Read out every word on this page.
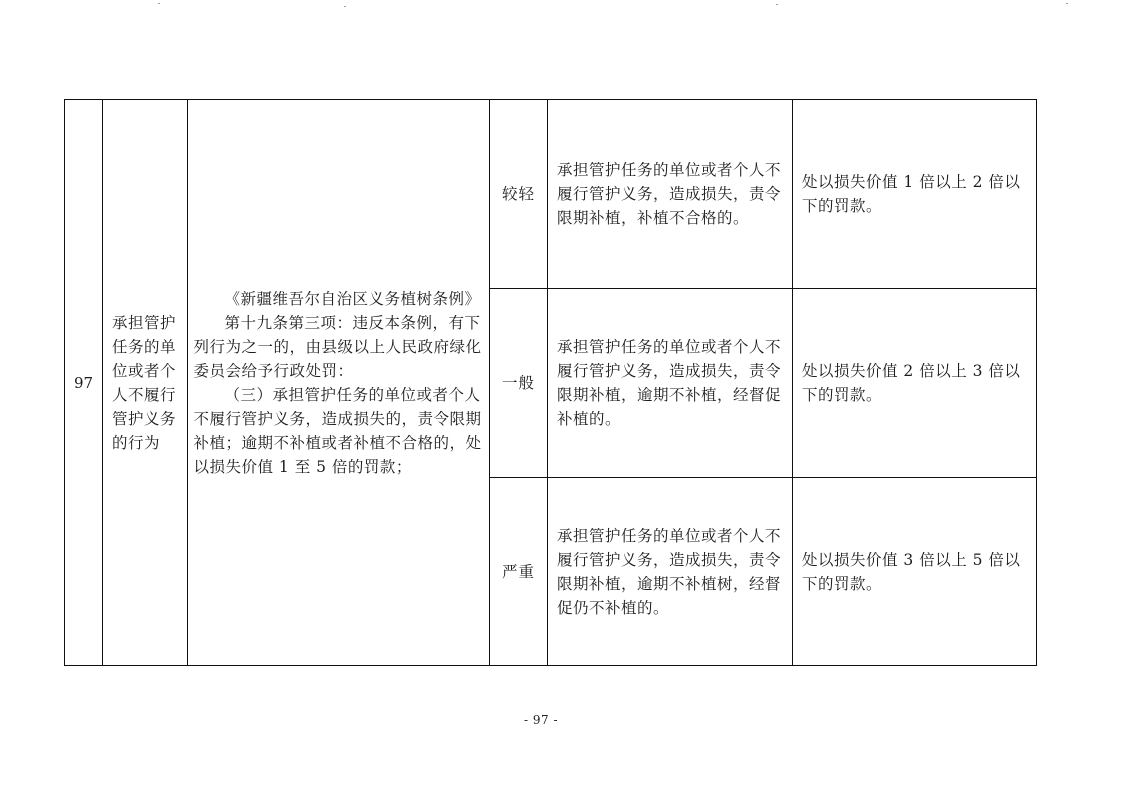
97
承担管护任务的单位或者个人不履行管护义务的行为

《新疆维吾尔自治区义务植树条例》

第十九条第三项：违反本条例，有下列行为之一的，由县级以上人民政府绿化委员会给予行政处罚：

（三）承担管护任务的单位或者个人不履行管护义务，造成损失的，责令限期补植；逾期不补植或者补植不合格的，处以损失价值 1 至 5 倍的罚款；

较轻
承担管护任务的单位或者个人不履行管护义务，造成损失，责令限期补植，补植不合格的。
处以损失价值 1 倍以上 2 倍以下的罚款。
一般
承担管护任务的单位或者个人不履行管护义务，造成损失，责令限期补植，逾期不补植，经督促补植的。
处以损失价值 2 倍以上 3 倍以下的罚款。
严重
承担管护任务的单位或者个人不履行管护义务，造成损失，责令限期补植，逾期不补植树，经督促仍不补植的。
处以损失价值 3 倍以上 5 倍以下的罚款。
- 97 -
